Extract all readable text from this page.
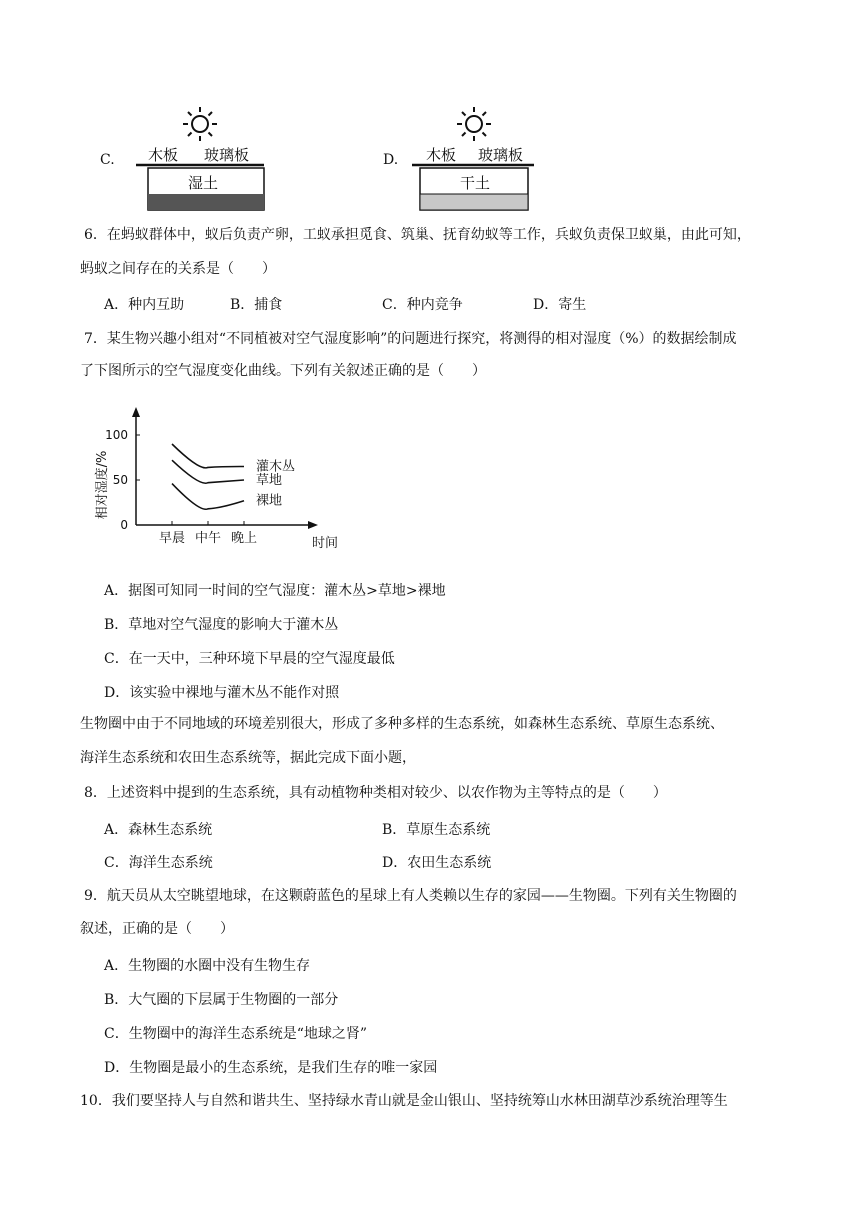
C. 木板 玻璃板
湿土
D. 木板 玻璃板
干土
6．在蚂蚁群体中，蚁后负责产卵，工蚁承担觅食、筑巢、抚育幼蚁等工作，兵蚁负责保卫蚁巢，由此可知，
蚂蚁之间存在的关系是（　　）
A．种内互助	B．捕食	C．种内竞争	D．寄生
7．某生物兴趣小组对“不同植被对空气湿度影响”的问题进行探究，将测得的相对湿度（%）的数据绘制成
了下图所示的空气湿度变化曲线。下列有关叙述正确的是（　　）
相对湿度/%
0
50
100
早晨 中午 晚上
灌木丛
草地
裸地
时间
A．据图可知同一时间的空气湿度：灌木丛>草地>裸地
B．草地对空气湿度的影响大于灌木丛
C．在一天中，三种环境下早晨的空气湿度最低
D．该实验中裸地与灌木丛不能作对照
生物圈中由于不同地域的环境差别很大，形成了多种多样的生态系统，如森林生态系统、草原生态系统、
海洋生态系统和农田生态系统等，据此完成下面小题，
8．上述资料中提到的生态系统，具有动植物种类相对较少、以农作物为主等特点的是（　　）
A．森林生态系统	B．草原生态系统
C．海洋生态系统	D．农田生态系统
9．航天员从太空眺望地球，在这颗蔚蓝色的星球上有人类赖以生存的家园——生物圈。下列有关生物圈的
叙述，正确的是（　　）
A．生物圈的水圈中没有生物生存
B．大气圈的下层属于生物圈的一部分
C．生物圈中的海洋生态系统是“地球之肾”
D．生物圈是最小的生态系统，是我们生存的唯一家园
10．我们要坚持人与自然和谐共生、坚持绿水青山就是金山银山、坚持统筹山水林田湖草沙系统治理等生
